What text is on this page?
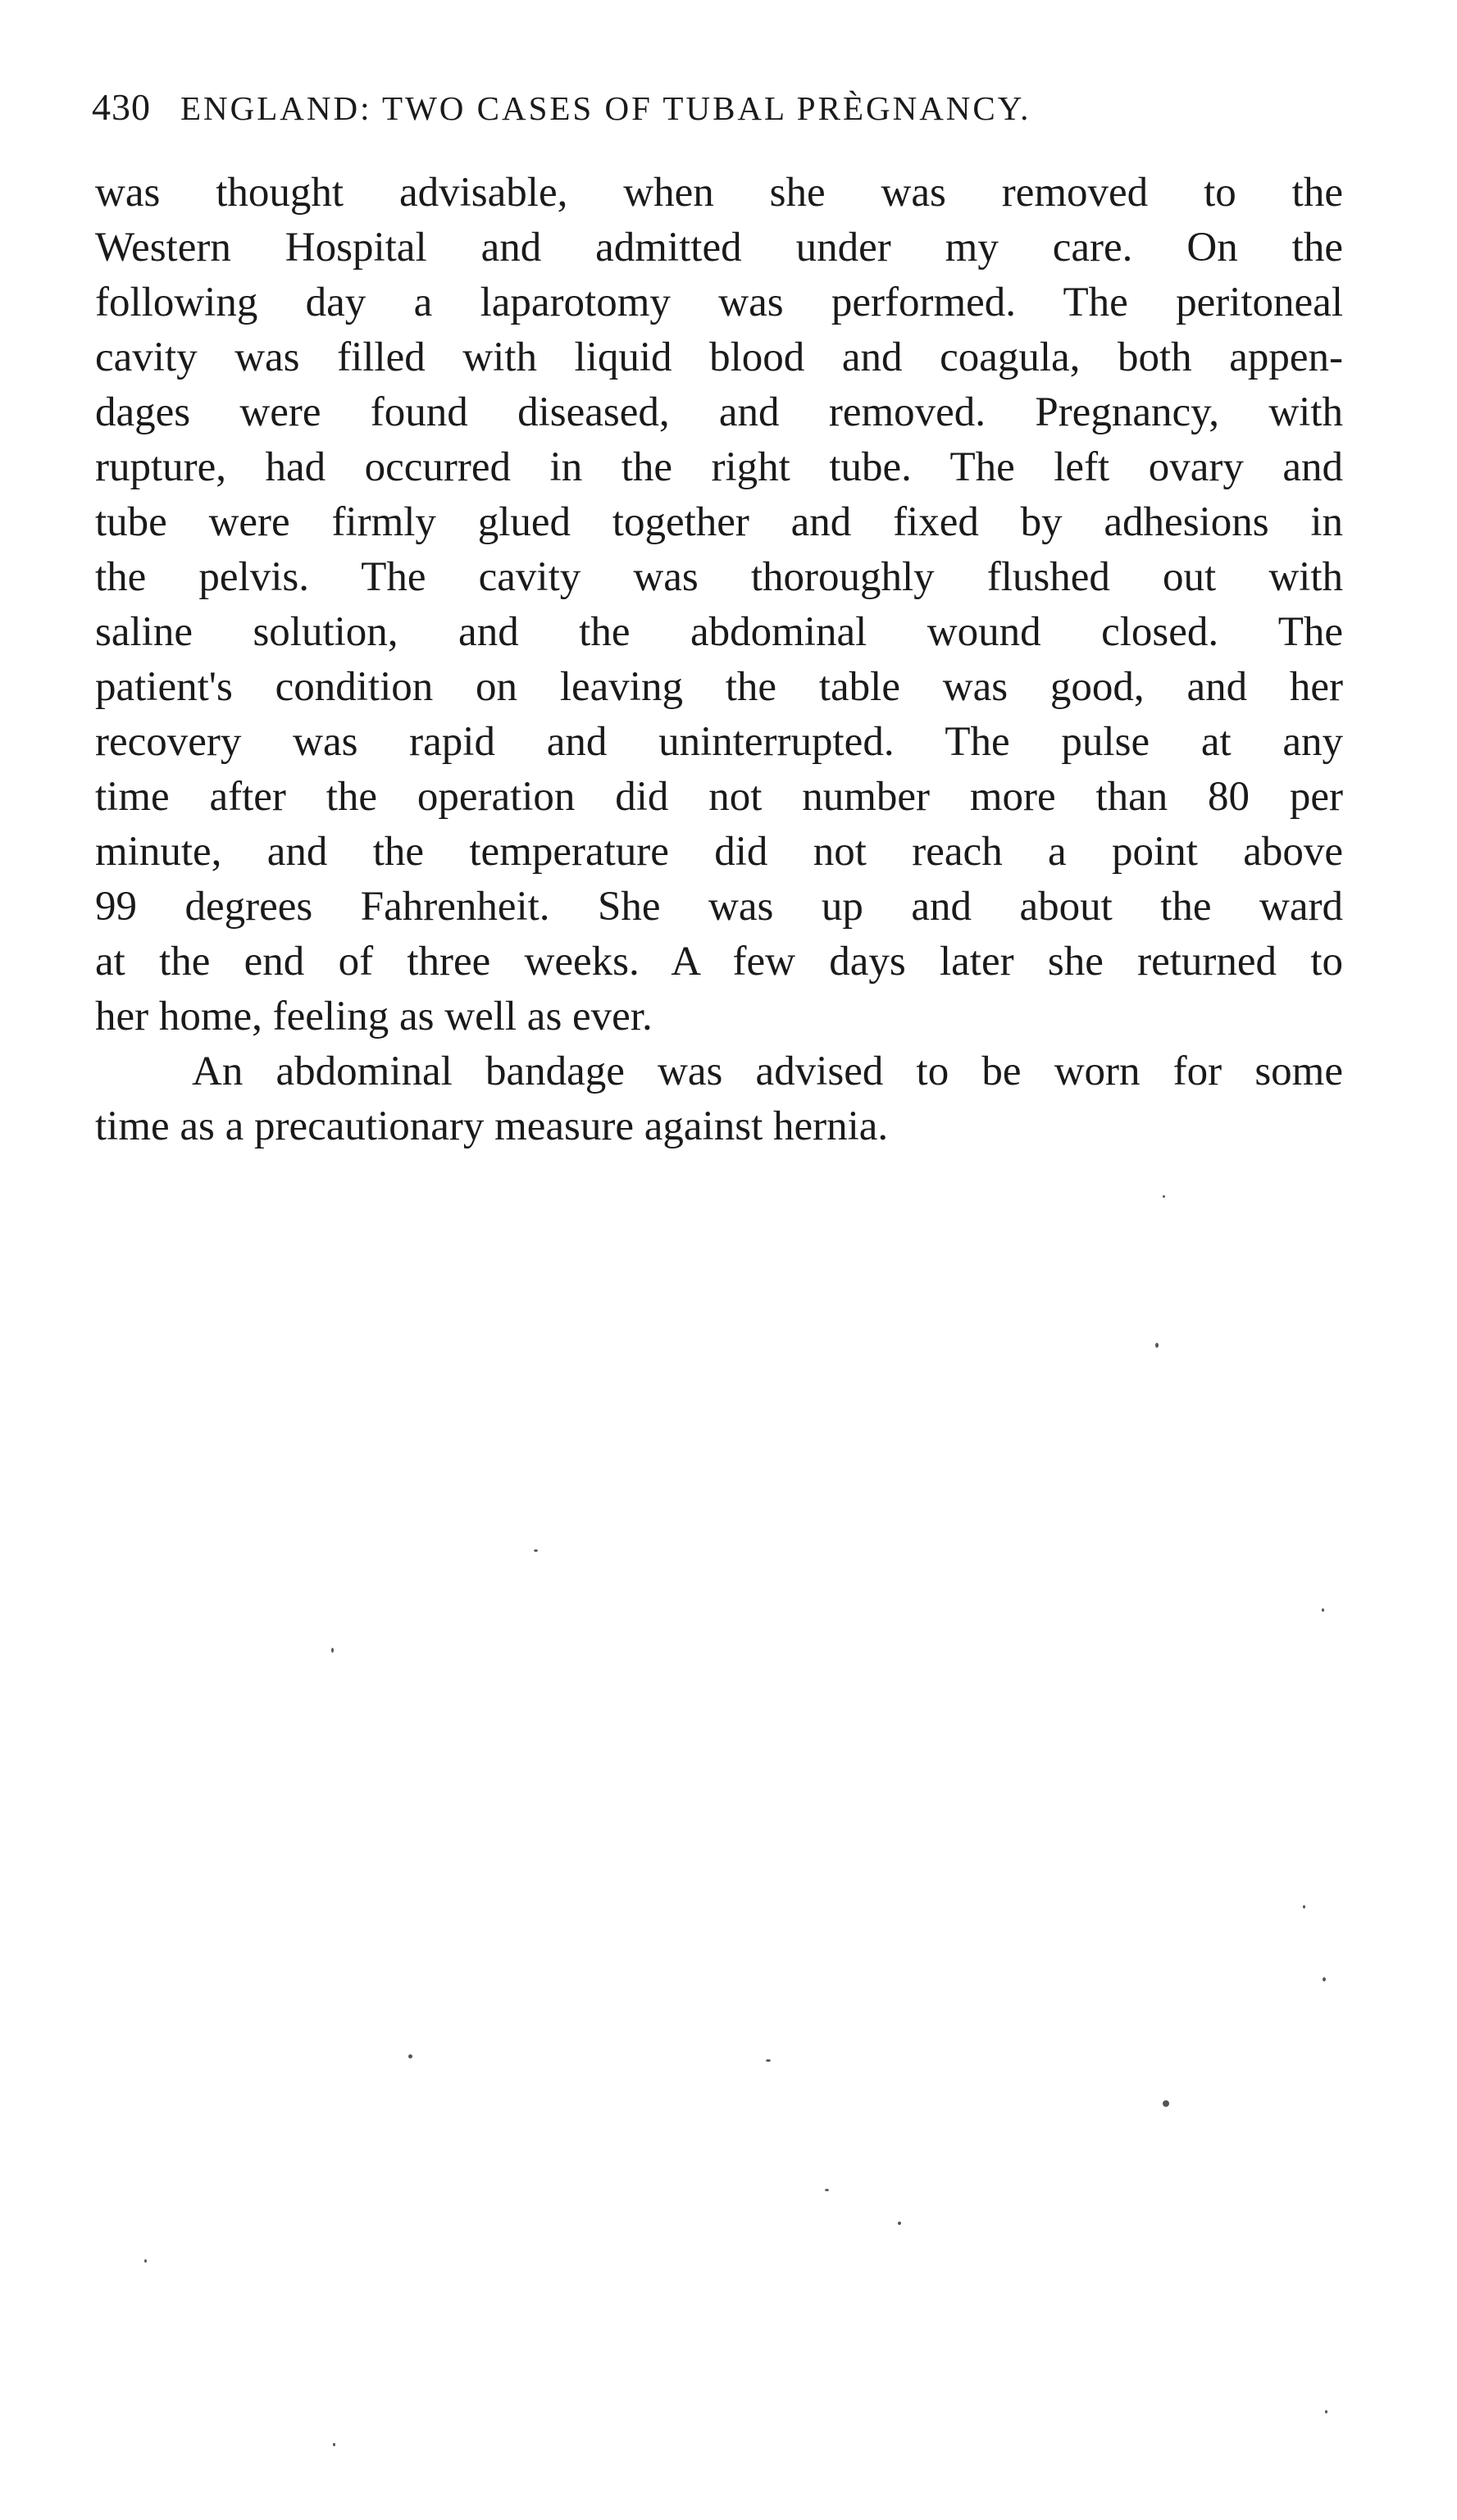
430 ENGLAND: TWO CASES OF TUBAL PRÈGNANCY.
was thought advisable, when she was removed to the
Western Hospital and admitted under my care. On the
following day a laparotomy was performed. The peritoneal
cavity was filled with liquid blood and coagula, both appen-
dages were found diseased, and removed. Pregnancy, with
rupture, had occurred in the right tube. The left ovary and
tube were firmly glued together and fixed by adhesions in
the pelvis. The cavity was thoroughly flushed out with
saline solution, and the abdominal wound closed. The
patient's condition on leaving the table was good, and her
recovery was rapid and uninterrupted. The pulse at any
time after the operation did not number more than 80 per
minute, and the temperature did not reach a point above
99 degrees Fahrenheit. She was up and about the ward
at the end of three weeks. A few days later she returned to
her home, feeling as well as ever.
An abdominal bandage was advised to be worn for some
time as a precautionary measure against hernia.
